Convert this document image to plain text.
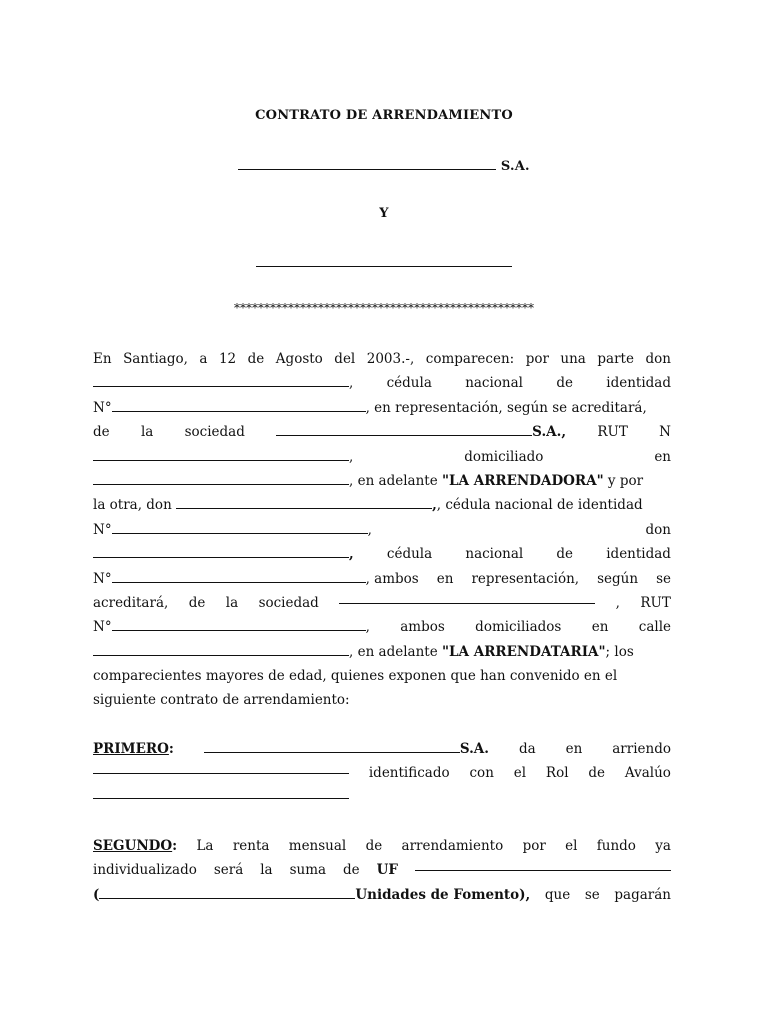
CONTRATO DE ARRENDAMIENTO
S.A.
Y
**************************************************
En Santiago, a 12 de Agosto del 2003.-, comparecen: por una parte don
, cédula nacional de identidad
N°	, en representación, según se acreditará,
de la sociedad	S.A., RUT N
,	domiciliado	en
, en adelante "LA ARRENDADORA" y por
la otra, don	,, cédula nacional de identidad
N°	,	don
, cédula nacional de identidad
N°	, ambos en representación, según se
acreditará, de la sociedad	, RUT
N°	, ambos domiciliados en calle
, en adelante "LA ARRENDATARIA"; los
comparecientes mayores de edad, quienes exponen que han convenido en el
siguiente contrato de arrendamiento:
PRIMERO:	S.A. da en arriendo
identificado con el Rol de Avalúo
SEGUNDO: La renta mensual de arrendamiento por el fundo ya
individualizado será la suma de UF
(	Unidades de Fomento), que se pagarán
